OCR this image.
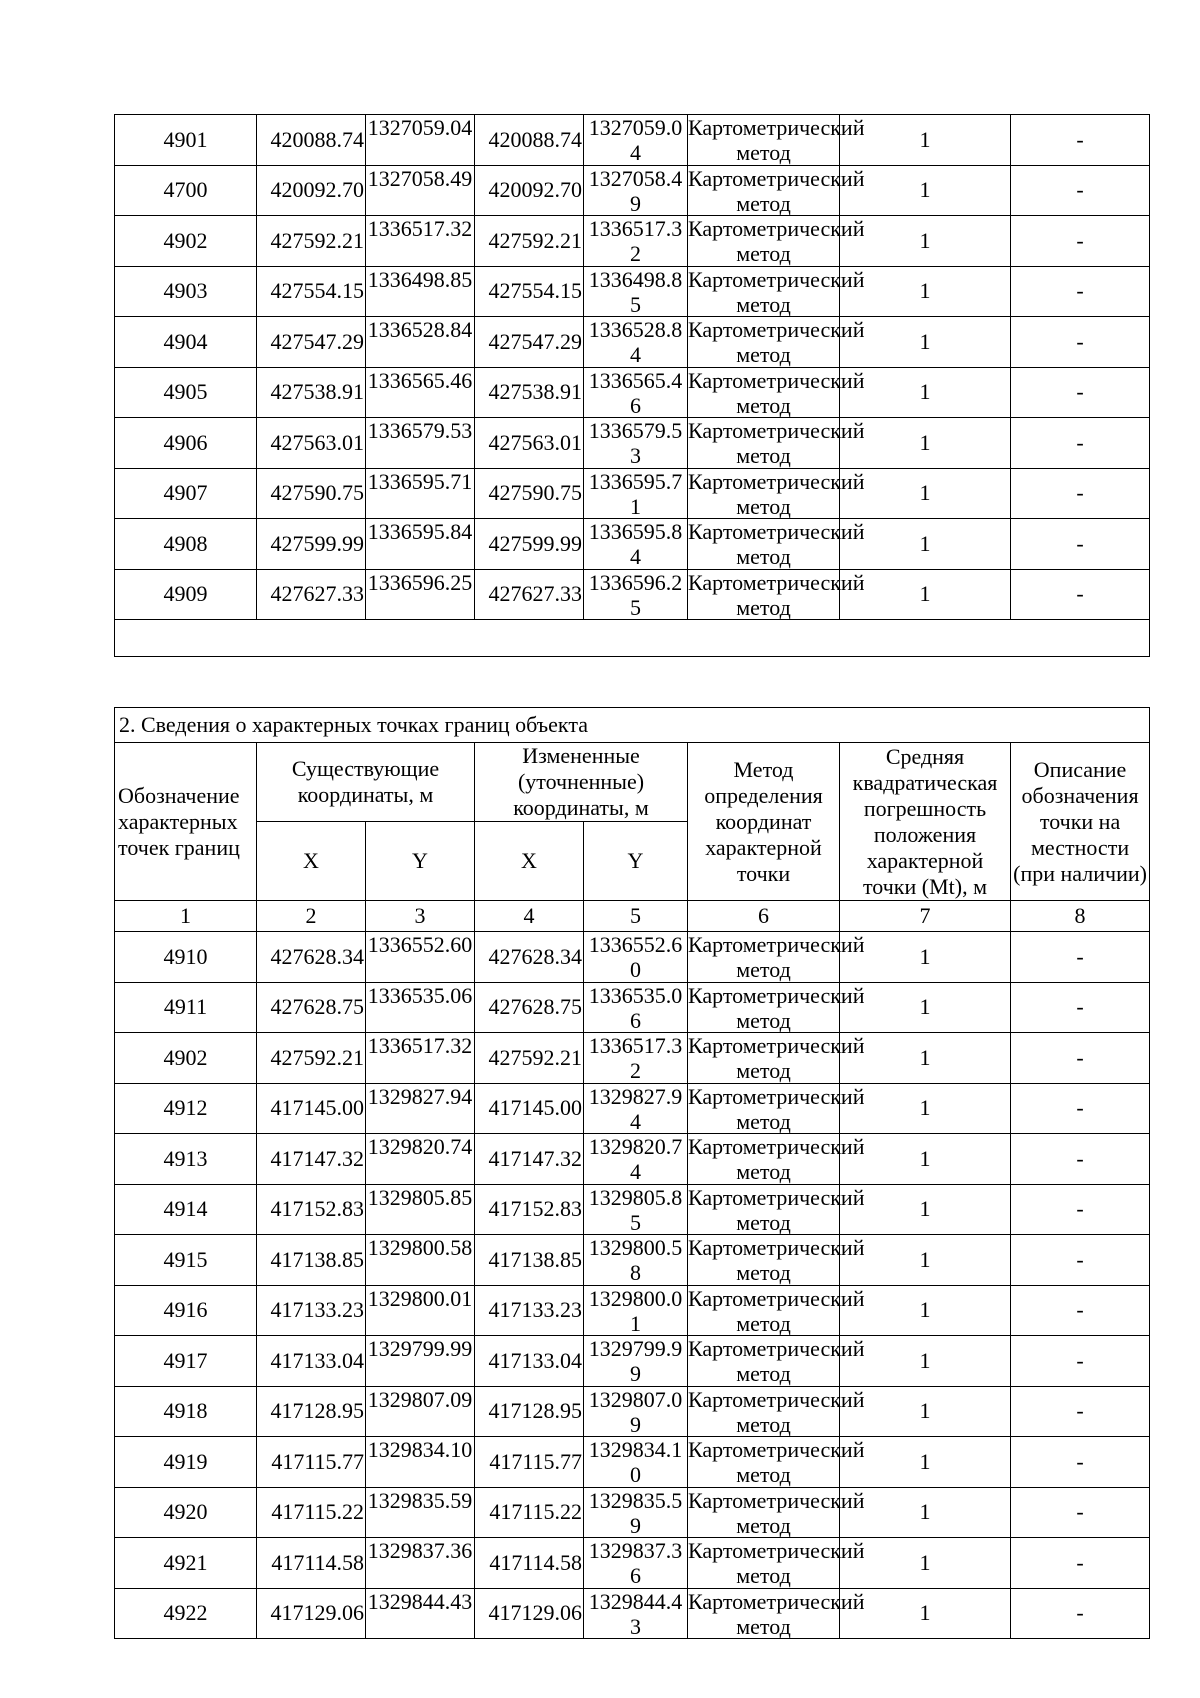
4901	420088.74	1327059.04	420088.74	1327059.04	Картометрический метод	1	-
4700	420092.70	1327058.49	420092.70	1327058.49	Картометрический метод	1	-
4902	427592.21	1336517.32	427592.21	1336517.32	Картометрический метод	1	-
4903	427554.15	1336498.85	427554.15	1336498.85	Картометрический метод	1	-
4904	427547.29	1336528.84	427547.29	1336528.84	Картометрический метод	1	-
4905	427538.91	1336565.46	427538.91	1336565.46	Картометрический метод	1	-
4906	427563.01	1336579.53	427563.01	1336579.53	Картометрический метод	1	-
4907	427590.75	1336595.71	427590.75	1336595.71	Картометрический метод	1	-
4908	427599.99	1336595.84	427599.99	1336595.84	Картометрический метод	1	-
4909	427627.33	1336596.25	427627.33	1336596.25	Картометрический метод	1	-

2. Сведения о характерных точках границ объекта							
Обозначение характерных точек границ	Существующие координаты, м		Измененные (уточненные) координаты, м		Метод определения координат характерной точки	Средняя квадратическая погрешность положения характерной точки (Mt), м	Описание обозначения точки на местности (при наличии)
	X	Y	X	Y			
1	2	3	4	5	6	7	8
4910	427628.34	1336552.60	427628.34	1336552.60	Картометрический метод	1	-
4911	427628.75	1336535.06	427628.75	1336535.06	Картометрический метод	1	-
4902	427592.21	1336517.32	427592.21	1336517.32	Картометрический метод	1	-
4912	417145.00	1329827.94	417145.00	1329827.94	Картометрический метод	1	-
4913	417147.32	1329820.74	417147.32	1329820.74	Картометрический метод	1	-
4914	417152.83	1329805.85	417152.83	1329805.85	Картометрический метод	1	-
4915	417138.85	1329800.58	417138.85	1329800.58	Картометрический метод	1	-
4916	417133.23	1329800.01	417133.23	1329800.01	Картометрический метод	1	-
4917	417133.04	1329799.99	417133.04	1329799.99	Картометрический метод	1	-
4918	417128.95	1329807.09	417128.95	1329807.09	Картометрический метод	1	-
4919	417115.77	1329834.10	417115.77	1329834.10	Картометрический метод	1	-
4920	417115.22	1329835.59	417115.22	1329835.59	Картометрический метод	1	-
4921	417114.58	1329837.36	417114.58	1329837.36	Картометрический метод	1	-
4922	417129.06	1329844.43	417129.06	1329844.43	Картометрический метод	1	-
